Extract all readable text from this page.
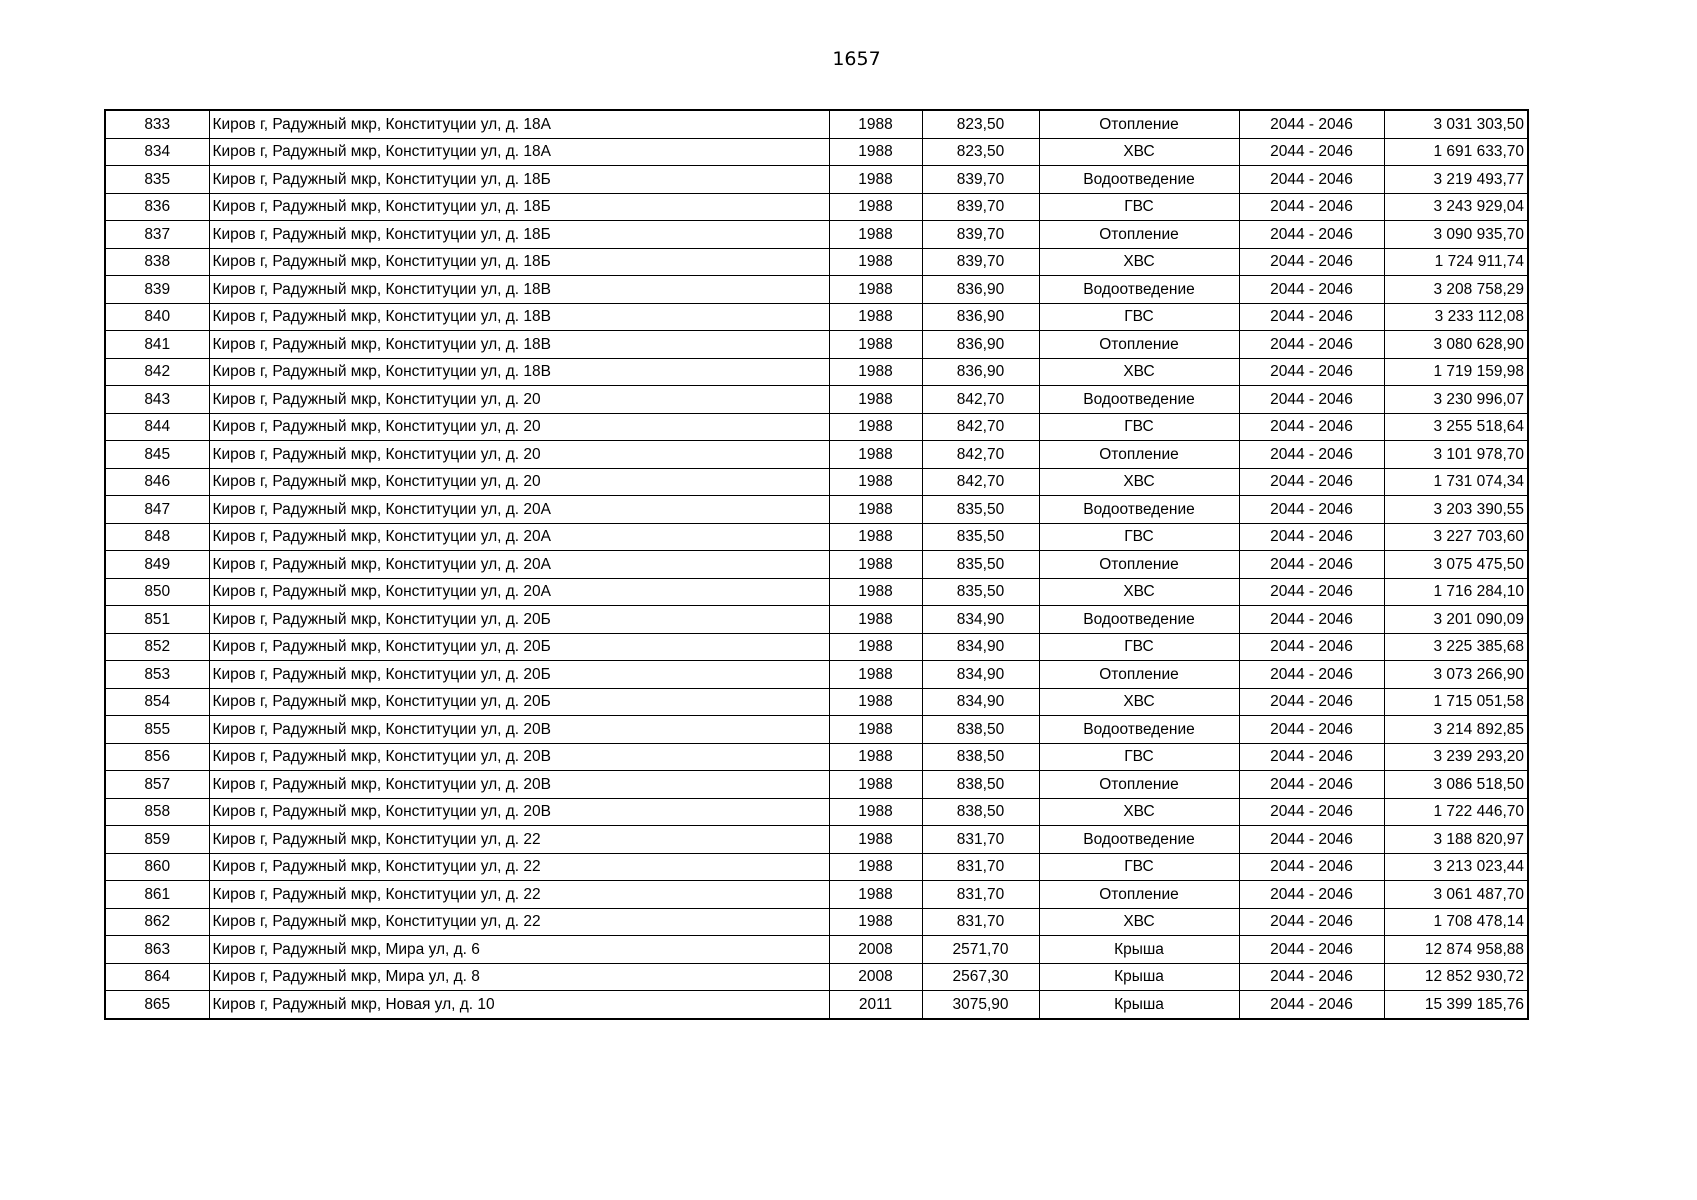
1657
833	Киров г, Радужный мкр, Конституции ул, д. 18А	1988	823,50	Отопление	2044 - 2046	3 031 303,50
834	Киров г, Радужный мкр, Конституции ул, д. 18А	1988	823,50	ХВС	2044 - 2046	1 691 633,70
835	Киров г, Радужный мкр, Конституции ул, д. 18Б	1988	839,70	Водоотведение	2044 - 2046	3 219 493,77
836	Киров г, Радужный мкр, Конституции ул, д. 18Б	1988	839,70	ГВС	2044 - 2046	3 243 929,04
837	Киров г, Радужный мкр, Конституции ул, д. 18Б	1988	839,70	Отопление	2044 - 2046	3 090 935,70
838	Киров г, Радужный мкр, Конституции ул, д. 18Б	1988	839,70	ХВС	2044 - 2046	1 724 911,74
839	Киров г, Радужный мкр, Конституции ул, д. 18В	1988	836,90	Водоотведение	2044 - 2046	3 208 758,29
840	Киров г, Радужный мкр, Конституции ул, д. 18В	1988	836,90	ГВС	2044 - 2046	3 233 112,08
841	Киров г, Радужный мкр, Конституции ул, д. 18В	1988	836,90	Отопление	2044 - 2046	3 080 628,90
842	Киров г, Радужный мкр, Конституции ул, д. 18В	1988	836,90	ХВС	2044 - 2046	1 719 159,98
843	Киров г, Радужный мкр, Конституции ул, д. 20	1988	842,70	Водоотведение	2044 - 2046	3 230 996,07
844	Киров г, Радужный мкр, Конституции ул, д. 20	1988	842,70	ГВС	2044 - 2046	3 255 518,64
845	Киров г, Радужный мкр, Конституции ул, д. 20	1988	842,70	Отопление	2044 - 2046	3 101 978,70
846	Киров г, Радужный мкр, Конституции ул, д. 20	1988	842,70	ХВС	2044 - 2046	1 731 074,34
847	Киров г, Радужный мкр, Конституции ул, д. 20А	1988	835,50	Водоотведение	2044 - 2046	3 203 390,55
848	Киров г, Радужный мкр, Конституции ул, д. 20А	1988	835,50	ГВС	2044 - 2046	3 227 703,60
849	Киров г, Радужный мкр, Конституции ул, д. 20А	1988	835,50	Отопление	2044 - 2046	3 075 475,50
850	Киров г, Радужный мкр, Конституции ул, д. 20А	1988	835,50	ХВС	2044 - 2046	1 716 284,10
851	Киров г, Радужный мкр, Конституции ул, д. 20Б	1988	834,90	Водоотведение	2044 - 2046	3 201 090,09
852	Киров г, Радужный мкр, Конституции ул, д. 20Б	1988	834,90	ГВС	2044 - 2046	3 225 385,68
853	Киров г, Радужный мкр, Конституции ул, д. 20Б	1988	834,90	Отопление	2044 - 2046	3 073 266,90
854	Киров г, Радужный мкр, Конституции ул, д. 20Б	1988	834,90	ХВС	2044 - 2046	1 715 051,58
855	Киров г, Радужный мкр, Конституции ул, д. 20В	1988	838,50	Водоотведение	2044 - 2046	3 214 892,85
856	Киров г, Радужный мкр, Конституции ул, д. 20В	1988	838,50	ГВС	2044 - 2046	3 239 293,20
857	Киров г, Радужный мкр, Конституции ул, д. 20В	1988	838,50	Отопление	2044 - 2046	3 086 518,50
858	Киров г, Радужный мкр, Конституции ул, д. 20В	1988	838,50	ХВС	2044 - 2046	1 722 446,70
859	Киров г, Радужный мкр, Конституции ул, д. 22	1988	831,70	Водоотведение	2044 - 2046	3 188 820,97
860	Киров г, Радужный мкр, Конституции ул, д. 22	1988	831,70	ГВС	2044 - 2046	3 213 023,44
861	Киров г, Радужный мкр, Конституции ул, д. 22	1988	831,70	Отопление	2044 - 2046	3 061 487,70
862	Киров г, Радужный мкр, Конституции ул, д. 22	1988	831,70	ХВС	2044 - 2046	1 708 478,14
863	Киров г, Радужный мкр, Мира ул, д. 6	2008	2571,70	Крыша	2044 - 2046	12 874 958,88
864	Киров г, Радужный мкр, Мира ул, д. 8	2008	2567,30	Крыша	2044 - 2046	12 852 930,72
865	Киров г, Радужный мкр, Новая ул, д. 10	2011	3075,90	Крыша	2044 - 2046	15 399 185,76
